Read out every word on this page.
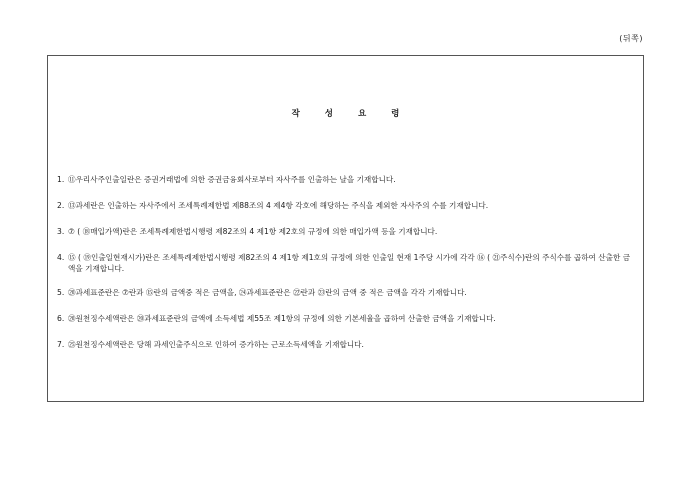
(뒤쪽)
작 성 요 령
1. ⑪우리사주인출일란은 증권거래법에 의한 증권금융회사로부터 자사주를 인출하는 날을 기재합니다.
2. ⑬과세란은 인출하는 자사주에서 조세특례제한법 제88조의 4 제4항 각호에 해당하는 주식을 제외한 자사주의 수를 기재합니다.
3. ⑦ ( ⑱매입가액)란은 조세특례제한법시행령 제82조의 4 제1항 제2호의 규정에 의한 매입가액 등을 기재합니다.
4. ⑮ ( ⑲인출일현재시가)란은 조세특례제한법시행령 제82조의 4 제1항 제1호의 규정에 의한 인출일 현재 1주당 시가에 각각 ⑯ ( ㉑주식수)란의 주식수를 곱하여 산출한 금액을 기재합니다.
5. ⑳과세표준란은 ⑦란과 ⑮란의 금액중 적은 금액을, ㉔과세표준란은 ㉒란과 ㉓란의 금액 중 적은 금액을 각각 기재합니다.
6. ⑳원천징수세액란은 ⑳과세표준란의 금액에 소득세법 제55조 제1항의 규정에 의한 기본세율을 곱하여 산출한 금액을 기재합니다.
7. ㉕원천징수세액란은 당해 과세인출주식으로 인하여 증가하는 근로소득세액을 기재합니다.
